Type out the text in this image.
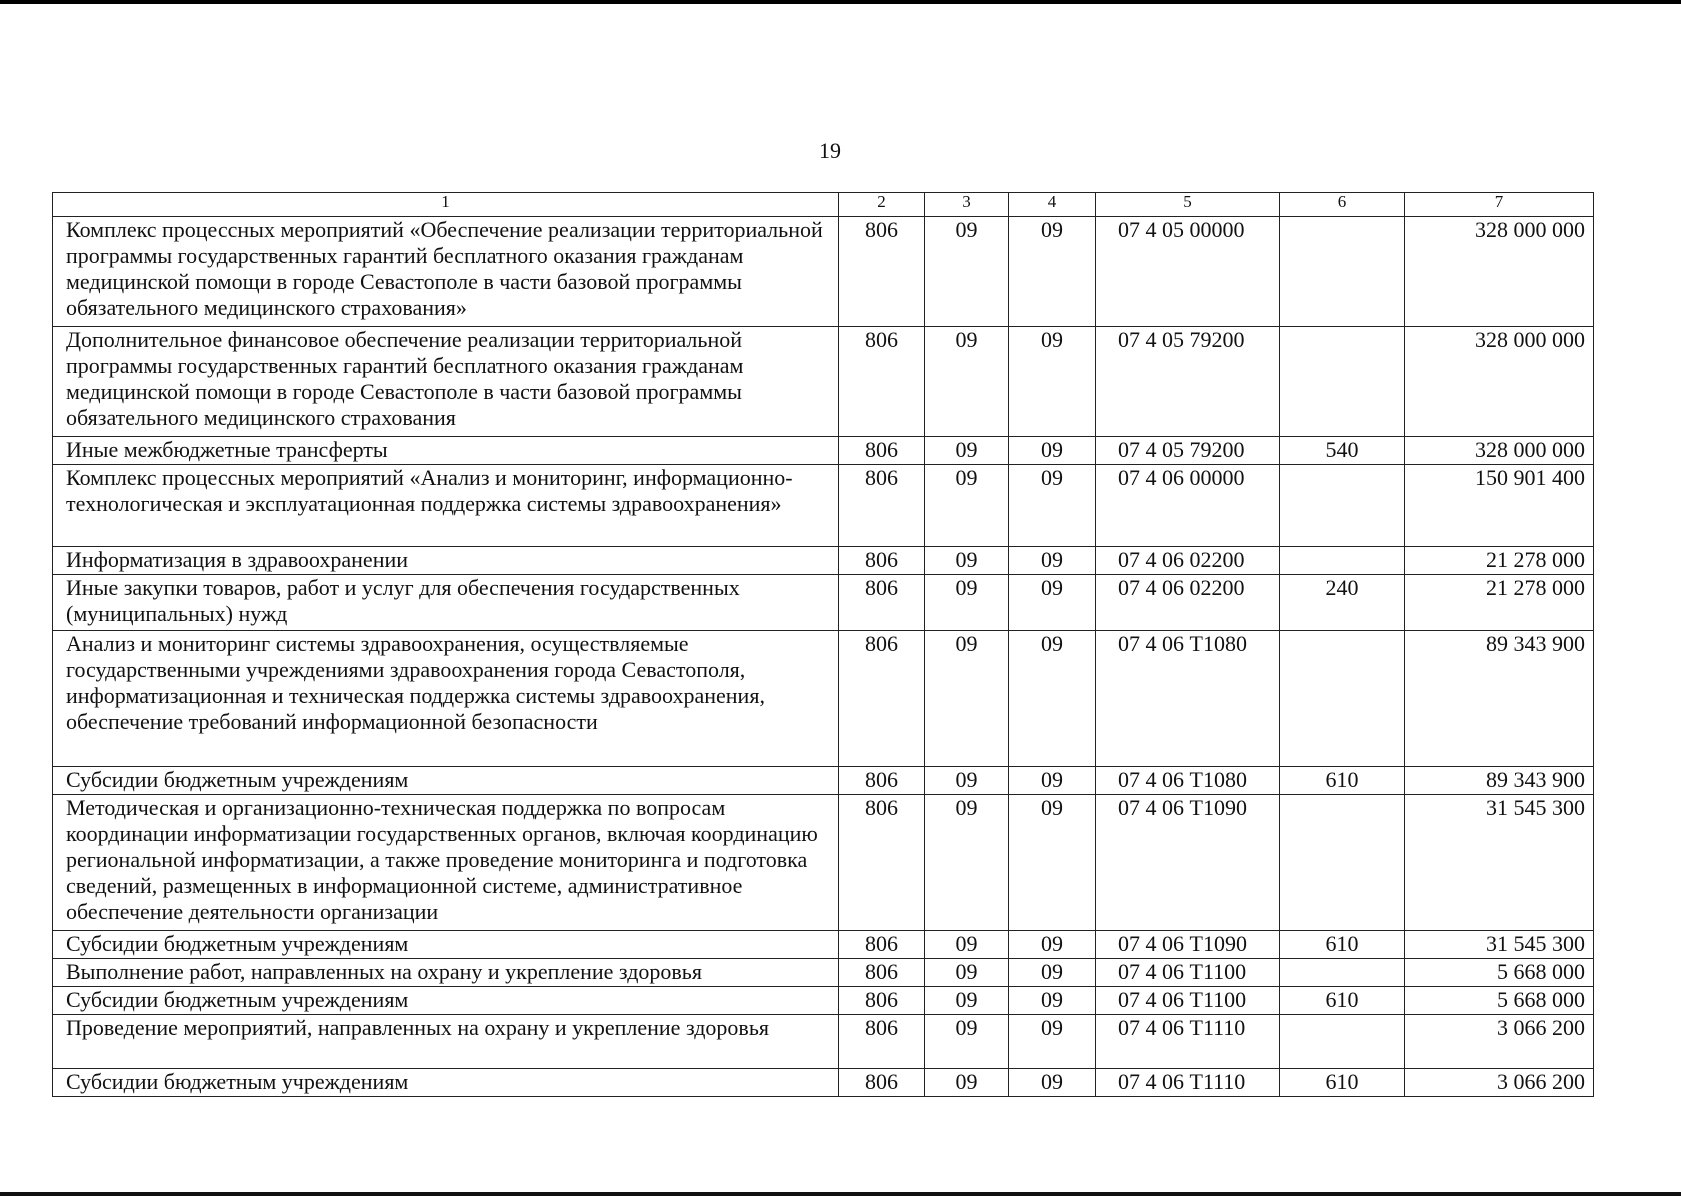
19
1	2	3	4	5	6	7
Комплекс процессных мероприятий «Обеспечение реализации территориальной программы государственных гарантий бесплатного оказания гражданам медицинской помощи в городе Севастополе в части базовой программы обязательного медицинского страхования»	806	09	09	07 4 05 00000		328 000 000
Дополнительное финансовое обеспечение реализации территориальной программы государственных гарантий бесплатного оказания гражданам медицинской помощи в городе Севастополе в части базовой программы обязательного медицинского страхования	806	09	09	07 4 05 79200		328 000 000
Иные межбюджетные трансферты	806	09	09	07 4 05 79200	540	328 000 000
Комплекс процессных мероприятий «Анализ и мониторинг, информационно-технологическая и эксплуатационная поддержка системы здравоохранения»	806	09	09	07 4 06 00000		150 901 400
Информатизация в здравоохранении	806	09	09	07 4 06 02200		21 278 000
Иные закупки товаров, работ и услуг для обеспечения государственных (муниципальных) нужд	806	09	09	07 4 06 02200	240	21 278 000
Анализ и мониторинг системы здравоохранения, осуществляемые государственными учреждениями здравоохранения города Севастополя, информатизационная и техническая поддержка системы здравоохранения, обеспечение требований информационной безопасности	806	09	09	07 4 06 Т1080		89 343 900
Субсидии бюджетным учреждениям	806	09	09	07 4 06 Т1080	610	89 343 900
Методическая и организационно-техническая поддержка по вопросам координации информатизации государственных органов, включая координацию региональной информатизации, а также проведение мониторинга и подготовка сведений, размещенных в информационной системе, административное обеспечение деятельности организации	806	09	09	07 4 06 Т1090		31 545 300
Субсидии бюджетным учреждениям	806	09	09	07 4 06 Т1090	610	31 545 300
Выполнение работ, направленных на охрану и укрепление здоровья	806	09	09	07 4 06 Т1100		5 668 000
Субсидии бюджетным учреждениям	806	09	09	07 4 06 Т1100	610	5 668 000
Проведение мероприятий, направленных на охрану и укрепление здоровья	806	09	09	07 4 06 Т1110		3 066 200
Субсидии бюджетным учреждениям	806	09	09	07 4 06 Т1110	610	3 066 200
